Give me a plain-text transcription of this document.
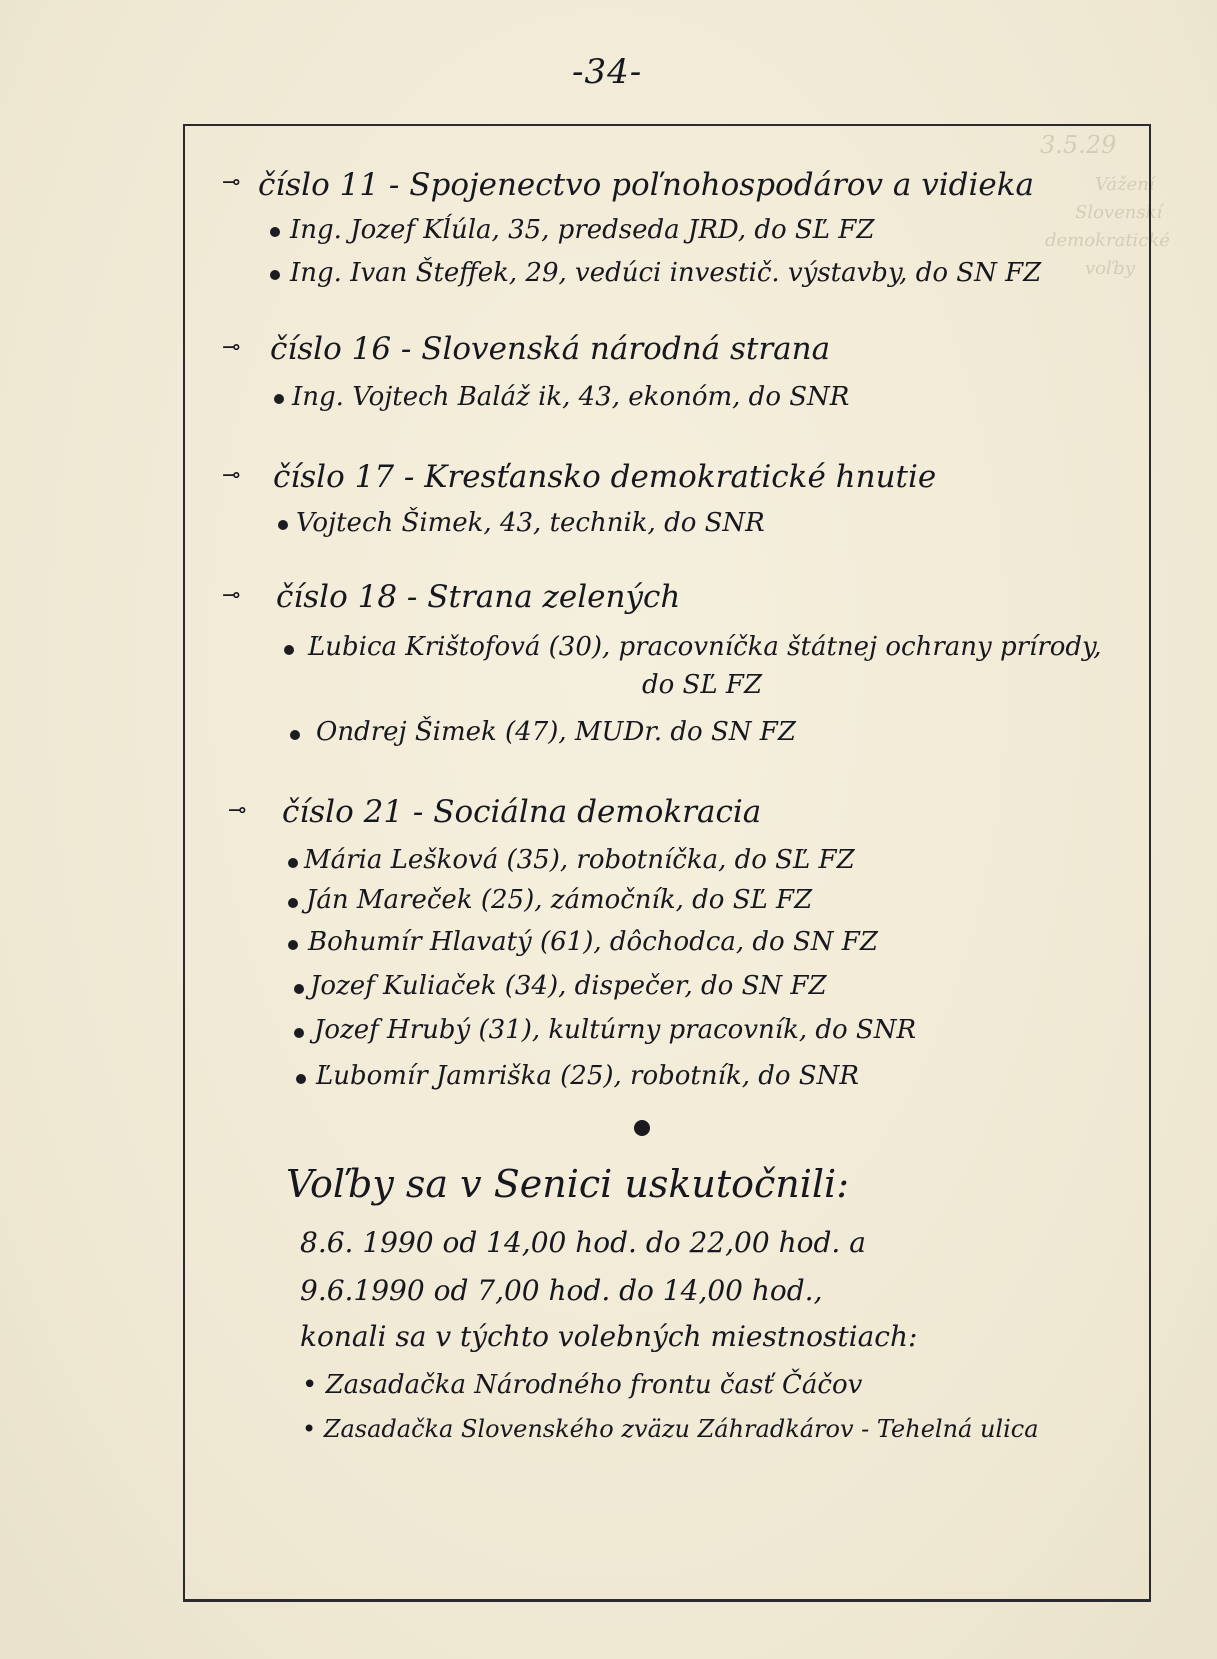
3.5.29
Vážení
Slovenskí
demokratické
voľby
-34-
⊸ číslo 11 - Spojenectvo poľnohospodárov a vidieka
Ing. Jozef Kĺúla, 35, predseda JRD, do SĽ FZ
Ing. Ivan Šteffek, 29, vedúci investič. výstavby, do SN FZ
⊸ číslo 16 - Slovenská národná strana
Ing. Vojtech Baláž ik, 43, ekonóm, do SNR
⊸ číslo 17 - Kresťansko demokratické hnutie
Vojtech Šimek, 43, technik, do SNR
⊸ číslo 18 - Strana zelených
Ľubica Krištofová (30), pracovníčka štátnej ochrany prírody,
do SĽ FZ
Ondrej Šimek (47), MUDr. do SN FZ
⊸ číslo 21 - Sociálna demokracia
Mária Lešková (35), robotníčka, do SĽ FZ
Ján Mareček (25), zámočník, do SĽ FZ
Bohumír Hlavatý (61), dôchodca, do SN FZ
Jozef Kuliaček (34), dispečer, do SN FZ
Jozef Hrubý (31), kultúrny pracovník, do SNR
Ľubomír Jamriška (25), robotník, do SNR
Voľby sa v Senici uskutočnili:
8.6. 1990 od 14,00 hod. do 22,00 hod. a
9.6.1990 od 7,00 hod. do 14,00 hod.,
konali sa v týchto volebných miestnostiach:
• Zasadačka Národného frontu časť Čáčov
• Zasadačka Slovenského zväzu Záhradkárov - Tehelná ulica
